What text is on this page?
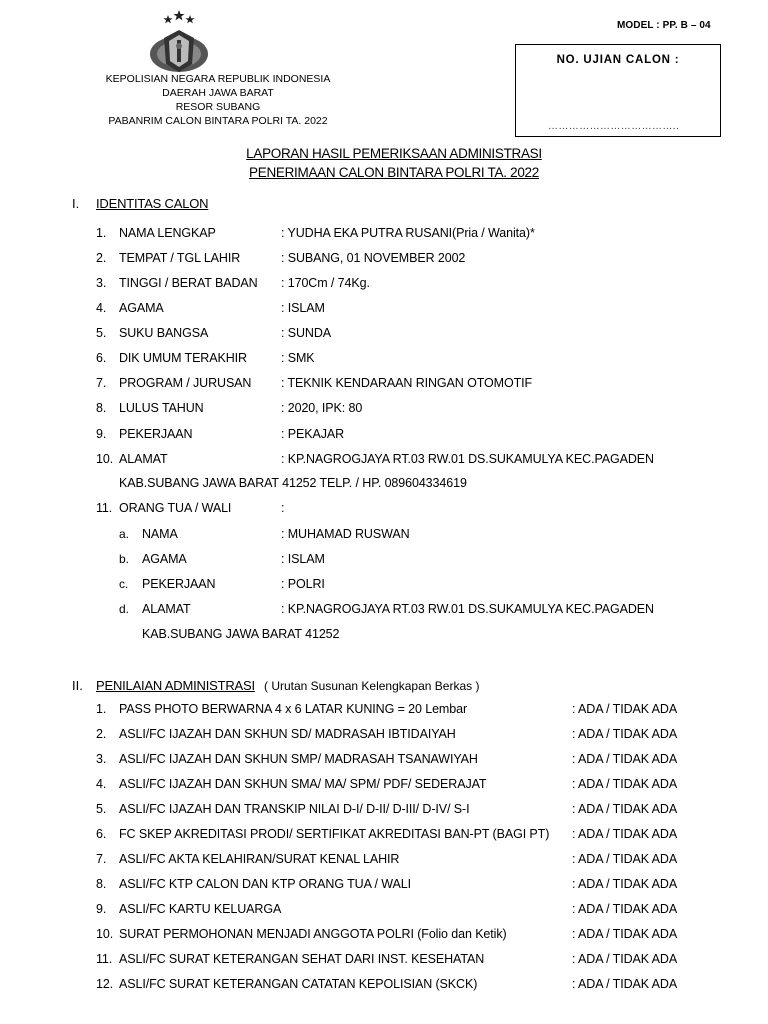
MODEL : PP. B – 04
KEPOLISIAN NEGARA REPUBLIK INDONESIA
DAERAH JAWA BARAT
RESOR SUBANG
PABANRIM CALON BINTARA POLRI TA. 2022
NO. UJIAN CALON :
………………………………..
LAPORAN HASIL PEMERIKSAAN ADMINISTRASI
PENERIMAAN CALON BINTARA POLRI TA. 2022
I. IDENTITAS CALON
1. NAMA LENGKAP	: YUDHA EKA PUTRA RUSANI(Pria / Wanita)*
2. TEMPAT / TGL LAHIR	: SUBANG, 01 NOVEMBER 2002
3. TINGGI / BERAT BADAN : 170Cm / 74Kg.
4. AGAMA	: ISLAM
5. SUKU BANGSA	: SUNDA
6. DIK UMUM TERAKHIR	: SMK
7. PROGRAM / JURUSAN : TEKNIK KENDARAAN RINGAN OTOMOTIF
8. LULUS TAHUN	: 2020, IPK: 80
9. PEKERJAAN	: PEKAJAR
10. ALAMAT	: KP.NAGROGJAYA RT.03 RW.01 DS.SUKAMULYA KEC.PAGADEN
KAB.SUBANG JAWA BARAT 41252 TELP. / HP. 089604334619
11. ORANG TUA / WALI	:
a. NAMA	: MUHAMAD RUSWAN
b. AGAMA	: ISLAM
c. PEKERJAAN	: POLRI
d. ALAMAT	: KP.NAGROGJAYA RT.03 RW.01 DS.SUKAMULYA KEC.PAGADEN
KAB.SUBANG JAWA BARAT 41252
II. PENILAIAN ADMINISTRASI ( Urutan Susunan Kelengkapan Berkas )
1. PASS PHOTO BERWARNA 4 x 6 LATAR KUNING = 20 Lembar	: ADA / TIDAK ADA
2. ASLI/FC IJAZAH DAN SKHUN SD/ MADRASAH IBTIDAIYAH	: ADA / TIDAK ADA
3. ASLI/FC IJAZAH DAN SKHUN SMP/ MADRASAH TSANAWIYAH	: ADA / TIDAK ADA
4. ASLI/FC IJAZAH DAN SKHUN SMA/ MA/ SPM/ PDF/ SEDERAJAT	: ADA / TIDAK ADA
5. ASLI/FC IJAZAH DAN TRANSKIP NILAI D-I/ D-II/ D-III/ D-IV/ S-I	: ADA / TIDAK ADA
6. FC SKEP AKREDITASI PRODI/ SERTIFIKAT AKREDITASI BAN-PT (BAGI PT) : ADA / TIDAK ADA
7. ASLI/FC AKTA KELAHIRAN/SURAT KENAL LAHIR	: ADA / TIDAK ADA
8. ASLI/FC KTP CALON DAN KTP ORANG TUA / WALI	: ADA / TIDAK ADA
9. ASLI/FC KARTU KELUARGA	: ADA / TIDAK ADA
10. SURAT PERMOHONAN MENJADI ANGGOTA POLRI (Folio dan Ketik)	: ADA / TIDAK ADA
11. ASLI/FC SURAT KETERANGAN SEHAT DARI INST. KESEHATAN	: ADA / TIDAK ADA
12. ASLI/FC SURAT KETERANGAN CATATAN KEPOLISIAN (SKCK)	: ADA / TIDAK ADA
